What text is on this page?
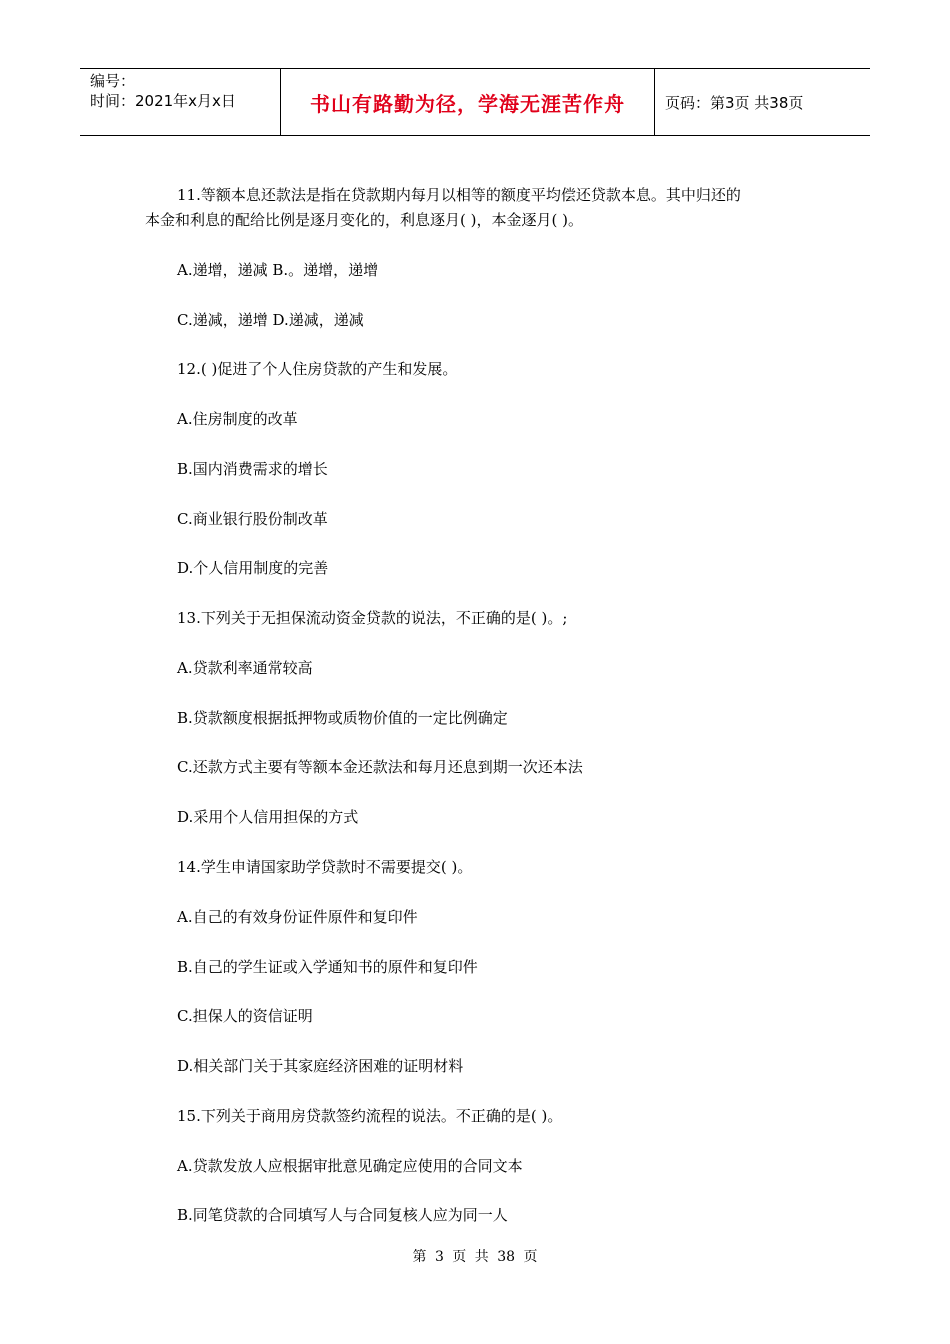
编号：
时间：2021年x月x日	书山有路勤为径，学海无涯苦作舟	页码：第3页 共38页
11.等额本息还款法是指在贷款期内每月以相等的额度平均偿还贷款本息。其中归还的
本金和利息的配给比例是逐月变化的，利息逐月( )，本金逐月( )。
A.递增，递减 B.。递增，递增
C.递减，递增 D.递减，递减
12.( )促进了个人住房贷款的产生和发展。
A.住房制度的改革
B.国内消费需求的增长
C.商业银行股份制改革
D.个人信用制度的完善
13.下列关于无担保流动资金贷款的说法，不正确的是( )。;
A.贷款利率通常较高
B.贷款额度根据抵押物或质物价值的一定比例确定
C.还款方式主要有等额本金还款法和每月还息到期一次还本法
D.采用个人信用担保的方式
14.学生申请国家助学贷款时不需要提交( )。
A.自己的有效身份证件原件和复印件
B.自己的学生证或入学通知书的原件和复印件
C.担保人的资信证明
D.相关部门关于其家庭经济困难的证明材料
15.下列关于商用房贷款签约流程的说法。不正确的是( )。
A.贷款发放人应根据审批意见确定应使用的合同文本
B.同笔贷款的合同填写人与合同复核人应为同一人
第 3 页 共 38 页
